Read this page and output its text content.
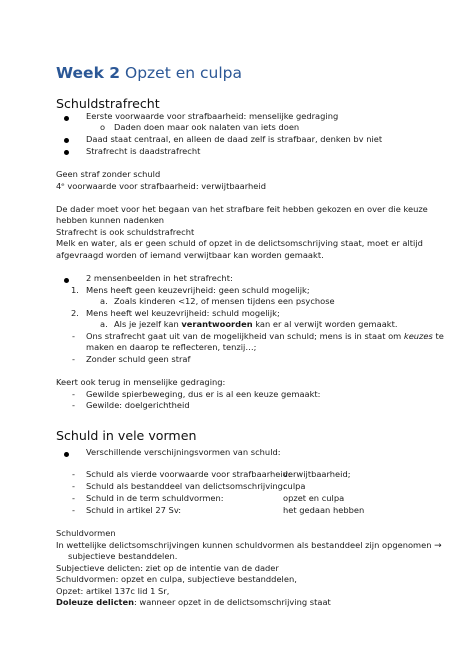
Week 2 Opzet en culpa
Schuldstrafrecht
Eerste voorwaarde voor strafbaarheid: menselijke gedraging
o Daden doen maar ook nalaten van iets doen
Daad staat centraal, en alleen de daad zelf is strafbaar, denken bv niet
Strafrecht is daadstrafrecht
Geen straf zonder schuld
4ᵉ voorwaarde voor strafbaarheid: verwijtbaarheid
De dader moet voor het begaan van het strafbare feit hebben gekozen en over die keuze
hebben kunnen nadenken
Strafrecht is ook schuldstrafrecht
Melk en water, als er geen schuld of opzet in de delictsomschrijving staat, moet er altijd
afgevraagd worden of iemand verwijtbaar kan worden gemaakt.
2 mensenbeelden in het strafrecht:
1. Mens heeft geen keuzevrijheid: geen schuld mogelijk;
a. Zoals kinderen <12, of mensen tijdens een psychose
2. Mens heeft wel keuzevrijheid: schuld mogelijk;
a. Als je jezelf kan verantwoorden kan er al verwijt worden gemaakt.
- Ons strafrecht gaat uit van de mogelijkheid van schuld; mens is in staat om keuzes te
maken en daarop te reflecteren, tenzij…;
- Zonder schuld geen straf
Keert ook terug in menselijke gedraging:
- Gewilde spierbeweging, dus er is al een keuze gemaakt:
- Gewilde: doelgerichtheid
Schuld in vele vormen
Verschillende verschijningsvormen van schuld:
- Schuld als vierde voorwaarde voor strafbaarheid:
verwijtbaarheid;
- Schuld als bestanddeel van delictsomschrijving:
culpa
- Schuld in de term schuldvormen:	opzet en culpa
- Schuld in artikel 27 Sv:	het gedaan hebben
Schuldvormen
In wettelijke delictsomschrijvingen kunnen schuldvormen als bestanddeel zijn opgenomen →
subjectieve bestanddelen.
Subjectieve delicten: ziet op de intentie van de dader
Schuldvormen: opzet en culpa, subjectieve bestanddelen,
Opzet: artikel 137c lid 1 Sr,
Doleuze delicten: wanneer opzet in de delictsomschrijving staat
